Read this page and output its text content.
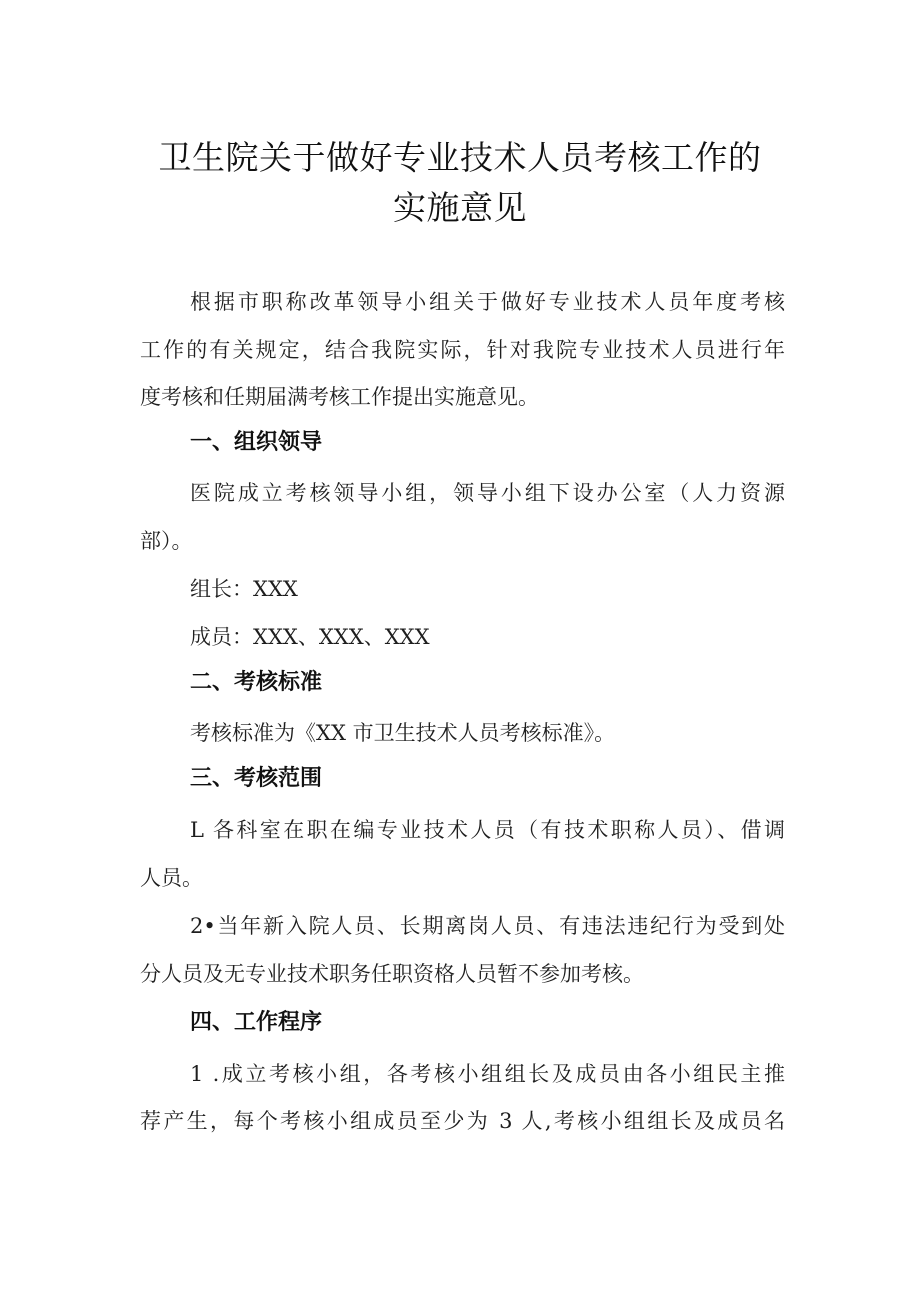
卫生院关于做好专业技术人员考核工作的
实施意见
根据市职称改革领导小组关于做好专业技术人员年度考核
工作的有关规定，结合我院实际，针对我院专业技术人员进行年
度考核和任期届满考核工作提出实施意见。
一、组织领导
医院成立考核领导小组，领导小组下设办公室（人力资源
部）。
组长：XXX
成员：XXX、XXX、XXX
二、考核标准
考核标准为《XX 市卫生技术人员考核标准》。
三、考核范围
L 各科室在职在编专业技术人员（有技术职称人员）、借调
人员。
2•当年新入院人员、长期离岗人员、有违法违纪行为受到处
分人员及无专业技术职务任职资格人员暂不参加考核。
四、工作程序
1 .成立考核小组，各考核小组组长及成员由各小组民主推
荐产生，每个考核小组成员至少为 3 人,考核小组组长及成员名
